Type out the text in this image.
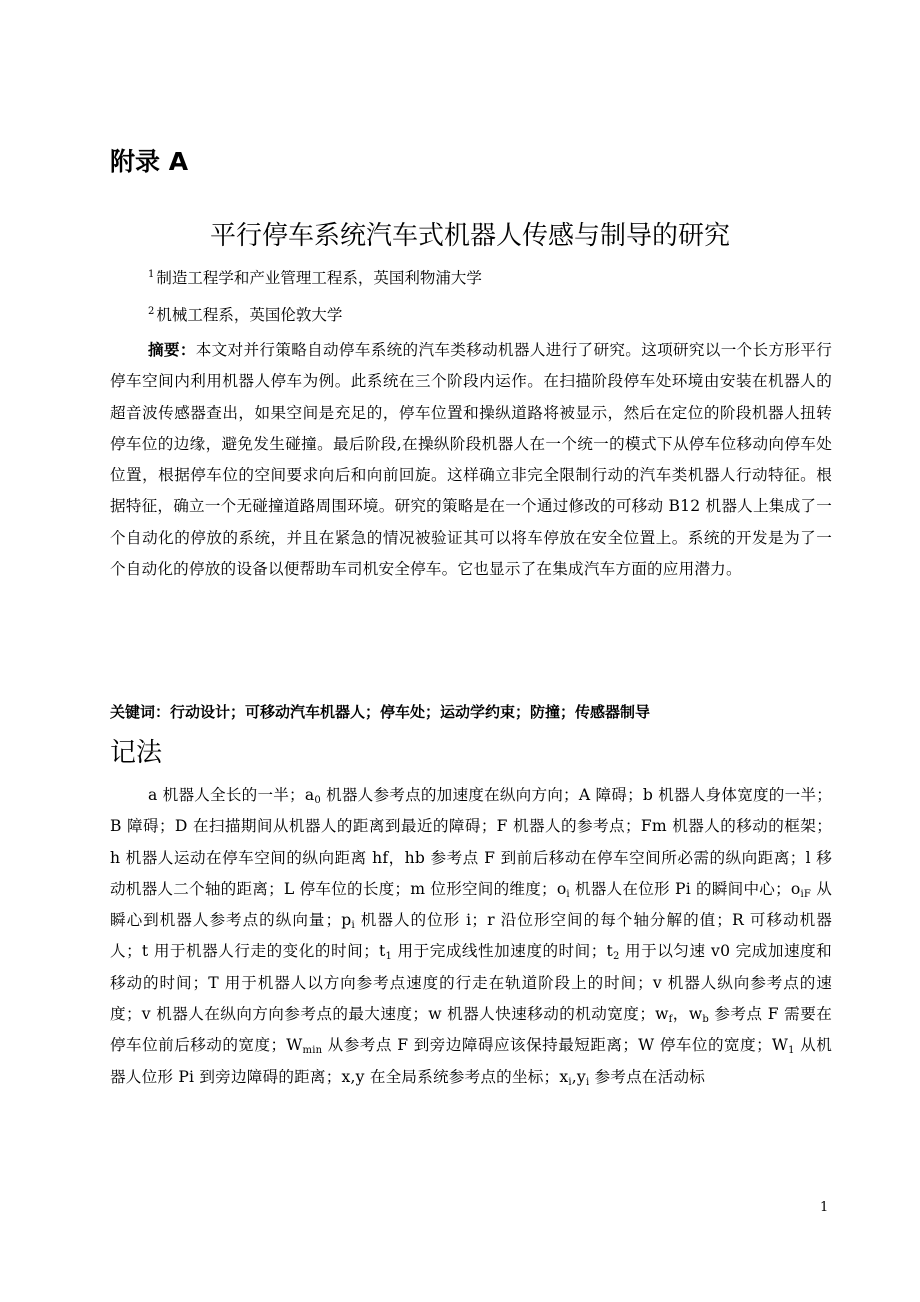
附录 A
平行停车系统汽车式机器人传感与制导的研究
$^1$ 制造工程学和产业管理工程系，英国利物浦大学
$^2$ 机械工程系，英国伦敦大学

摘要：本文对并行策略自动停车系统的汽车类移动机器人进行了研究。这项研究以一个长方形平行停车空间内利用机器人停车为例。此系统在三个阶段内运作。在扫描阶段停车处环境由安装在机器人的超音波传感器查出，如果空间是充足的，停车位置和操纵道路将被显示，然后在定位的阶段机器人扭转停车位的边缘，避免发生碰撞。最后阶段,在操纵阶段机器人在一个统一的模式下从停车位移动向停车处位置，根据停车位的空间要求向后和向前回旋。这样确立非完全限制行动的汽车类机器人行动特征。根据特征，确立一个无碰撞道路周围环境。研究的策略是在一个通过修改的可移动 B12 机器人上集成了一个自动化的停放的系统，并且在紧急的情况被验证其可以将车停放在安全位置上。系统的开发是为了一个自动化的停放的设备以便帮助车司机安全停车。它也显示了在集成汽车方面的应用潜力。

关键词：行动设计；可移动汽车机器人；停车处；运动学约束；防撞；传感器制导
记法

a 机器人全长的一半；$a_0$ 机器人参考点的加速度在纵向方向；A 障碍；b 机器人身体宽度的一半；B 障碍；D 在扫描期间从机器人的距离到最近的障碍；F 机器人的参考点；Fm 机器人的移动的框架；h 机器人运动在停车空间的纵向距离 hf，hb 参考点 F 到前后移动在停车空间所必需的纵向距离；l 移动机器人二个轴的距离；L 停车位的长度；m 位形空间的维度；$o_i$ 机器人在位形 Pi 的瞬间中心；$o_{iF}$ 从瞬心到机器人参考点的纵向量；$p_i$ 机器人的位形 i；r 沿位形空间的每个轴分解的值；R 可移动机器人；t 用于机器人行走的变化的时间；$t_1$ 用于完成线性加速度的时间；$t_2$ 用于以匀速 v0 完成加速度和移动的时间；T 用于机器人以方向参考点速度的行走在轨道阶段上的时间；v 机器人纵向参考点的速度；v 机器人在纵向方向参考点的最大速度；w 机器人快速移动的机动宽度；$w_f$，$w_b$ 参考点 F 需要在停车位前后移动的宽度；$W_{min}$ 从参考点 F 到旁边障碍应该保持最短距离；W 停车位的宽度；$W_1$ 从机器人位形 Pi 到旁边障碍的距离；x,y 在全局系统参考点的坐标；$x_i,y_i$ 参考点在活动标

1
